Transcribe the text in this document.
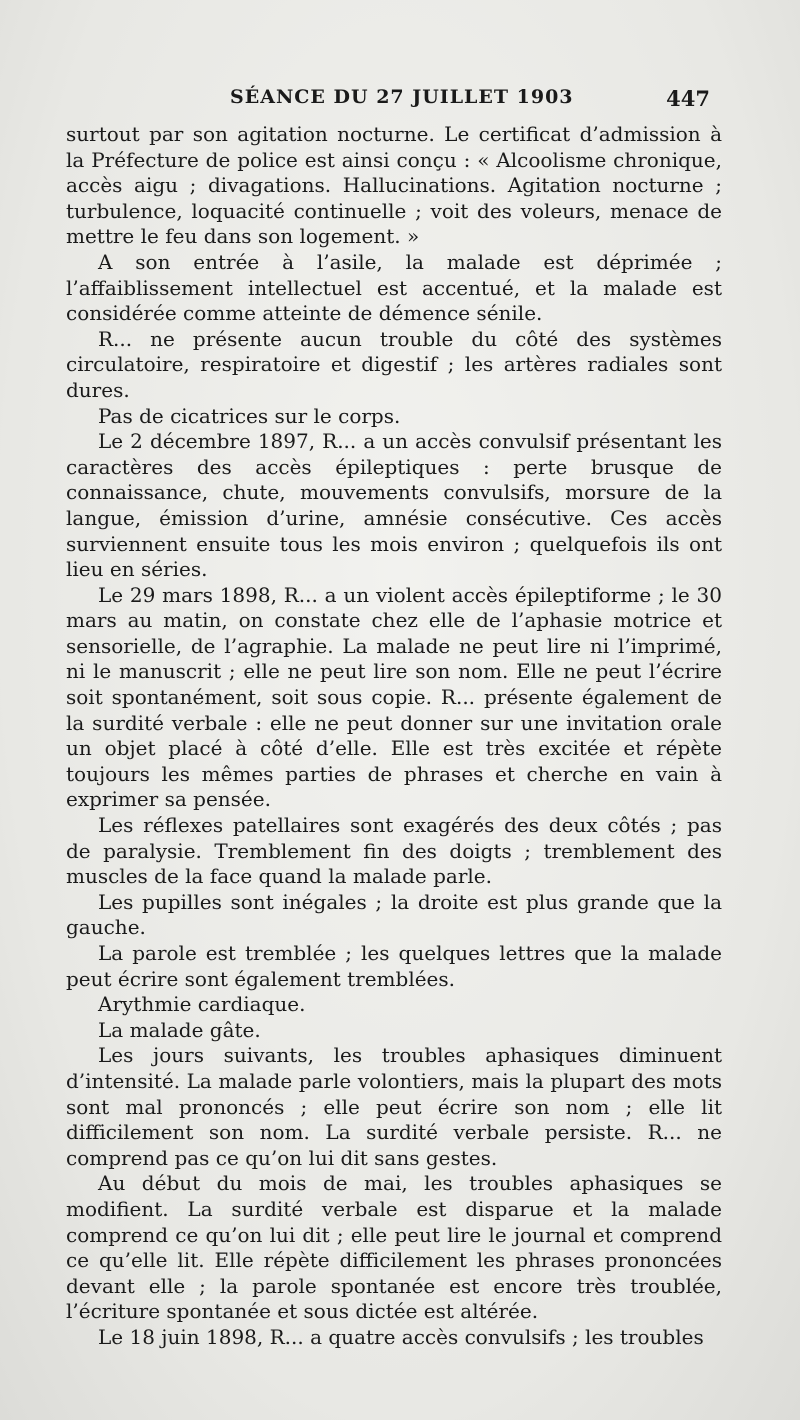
SÉANCE DU 27 JUILLET 1903	447

surtout par son agitation nocturne. Le certificat d’admission à la Préfecture de police est ainsi conçu : « Alcoolisme chronique, accès aigu ; divagations. Hallucinations. Agitation nocturne ; turbulence, loquacité continuelle ; voit des voleurs, menace de mettre le feu dans son logement. »

A son entrée à l’asile, la malade est déprimée ; l’affaiblissement intellectuel est accentué, et la malade est considérée comme atteinte de démence sénile.

R... ne présente aucun trouble du côté des systèmes circulatoire, respiratoire et digestif ; les artères radiales sont dures.

Pas de cicatrices sur le corps.

Le 2 décembre 1897, R... a un accès convulsif présentant les caractères des accès épileptiques : perte brusque de connaissance, chute, mouvements convulsifs, morsure de la langue, émission d’urine, amnésie consécutive. Ces accès surviennent ensuite tous les mois environ ; quelquefois ils ont lieu en séries.

Le 29 mars 1898, R... a un violent accès épileptiforme ; le 30 mars au matin, on constate chez elle de l’aphasie motrice et sensorielle, de l’agraphie. La malade ne peut lire ni l’imprimé, ni le manuscrit ; elle ne peut lire son nom. Elle ne peut l’écrire soit spontanément, soit sous copie. R... présente également de la surdité verbale : elle ne peut donner sur une invitation orale un objet placé à côté d’elle. Elle est très excitée et répète toujours les mêmes parties de phrases et cherche en vain à exprimer sa pensée.

Les réflexes patellaires sont exagérés des deux côtés ; pas de paralysie. Tremblement fin des doigts ; tremblement des muscles de la face quand la malade parle.

Les pupilles sont inégales ; la droite est plus grande que la gauche.

La parole est tremblée ; les quelques lettres que la malade peut écrire sont également tremblées.

Arythmie cardiaque.

La malade gâte.

Les jours suivants, les troubles aphasiques diminuent d’intensité. La malade parle volontiers, mais la plupart des mots sont mal prononcés ; elle peut écrire son nom ; elle lit difficilement son nom. La surdité verbale persiste. R... ne comprend pas ce qu’on lui dit sans gestes.

Au début du mois de mai, les troubles aphasiques se modifient. La surdité verbale est disparue et la malade comprend ce qu’on lui dit ; elle peut lire le journal et comprend ce qu’elle lit. Elle répète difficilement les phrases prononcées devant elle ; la parole spontanée est encore très troublée, l’écriture spontanée et sous dictée est altérée.

Le 18 juin 1898, R... a quatre accès convulsifs ; les troubles
